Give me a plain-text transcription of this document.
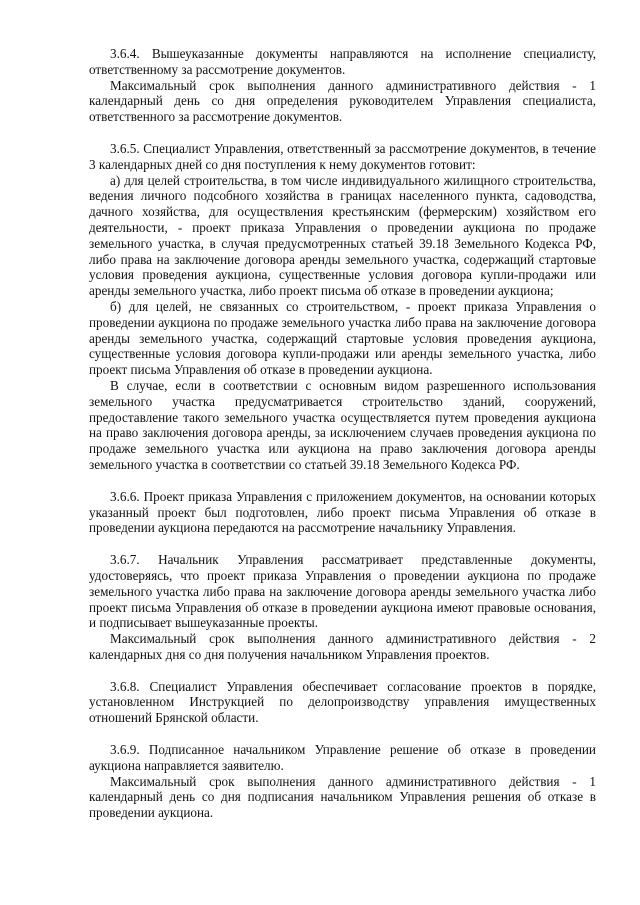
3.6.4. Вышеуказанные документы направляются на исполнение специалисту, ответственному за рассмотрение документов.

Максимальный срок выполнения данного административного действия - 1 календарный день со дня определения руководителем Управления специалиста, ответственного за рассмотрение документов.

3.6.5. Специалист Управления, ответственный за рассмотрение документов, в течение 3 календарных дней со дня поступления к нему документов готовит:

а) для целей строительства, в том числе индивидуального жилищного строительства, ведения личного подсобного хозяйства в границах населенного пункта, садоводства, дачного хозяйства, для осуществления крестьянским (фермерским) хозяйством его деятельности, - проект приказа Управления о проведении аукциона по продаже земельного участка, в случая предусмотренных статьей 39.18 Земельного Кодекса РФ, либо права на заключение договора аренды земельного участка, содержащий стартовые условия проведения аукциона, существенные условия договора купли-продажи или аренды земельного участка, либо проект письма об отказе в проведении аукциона;

б) для целей, не связанных со строительством, - проект приказа Управления о проведении аукциона по продаже земельного участка либо права на заключение договора аренды земельного участка, содержащий стартовые условия проведения аукциона, существенные условия договора купли-продажи или аренды земельного участка, либо проект письма Управления об отказе в проведении аукциона.

В случае, если в соответствии с основным видом разрешенного использования земельного участка предусматривается строительство зданий, сооружений, предоставление такого земельного участка осуществляется путем проведения аукциона на право заключения договора аренды, за исключением случаев проведения аукциона по продаже земельного участка или аукциона на право заключения договора аренды земельного участка в соответствии со статьей 39.18 Земельного Кодекса РФ.

3.6.6. Проект приказа Управления с приложением документов, на основании которых указанный проект был подготовлен, либо проект письма Управления об отказе в проведении аукциона передаются на рассмотрение начальнику Управления.

3.6.7. Начальник Управления рассматривает представленные документы, удостоверяясь, что проект приказа Управления о проведении аукциона по продаже земельного участка либо права на заключение договора аренды земельного участка либо проект письма Управления об отказе в проведении аукциона имеют правовые основания, и подписывает вышеуказанные проекты.

Максимальный срок выполнения данного административного действия - 2 календарных дня со дня получения начальником Управления проектов.

3.6.8. Специалист Управления обеспечивает согласование проектов в порядке, установленном Инструкцией по делопроизводству управления имущественных отношений Брянской области.

3.6.9. Подписанное начальником Управление решение об отказе в проведении аукциона направляется заявителю.

Максимальный срок выполнения данного административного действия - 1 календарный день со дня подписания начальником Управления решения об отказе в проведении аукциона.
